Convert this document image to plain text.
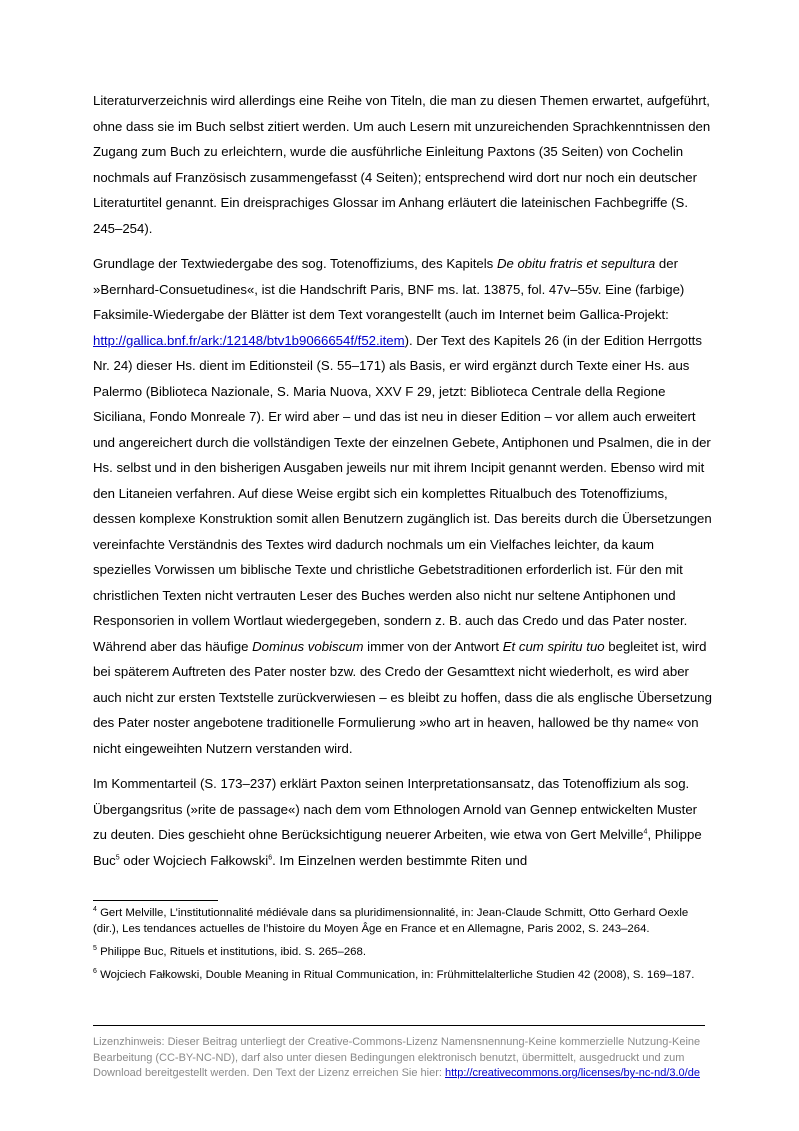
Literaturverzeichnis wird allerdings eine Reihe von Titeln, die man zu diesen Themen erwartet, aufgeführt, ohne dass sie im Buch selbst zitiert werden. Um auch Lesern mit unzureichenden Sprachkenntnissen den Zugang zum Buch zu erleichtern, wurde die ausführliche Einleitung Paxtons (35 Seiten) von Cochelin nochmals auf Französisch zusammengefasst (4 Seiten); entsprechend wird dort nur noch ein deutscher Literaturtitel genannt. Ein dreisprachiges Glossar im Anhang erläutert die lateinischen Fachbegriffe (S. 245–254).

Grundlage der Textwiedergabe des sog. Totenoffiziums, des Kapitels De obitu fratris et sepultura der »Bernhard-Consuetudines«, ist die Handschrift Paris, BNF ms. lat. 13875, fol. 47v–55v. Eine (farbige) Faksimile-Wiedergabe der Blätter ist dem Text vorangestellt (auch im Internet beim Gallica-Projekt: http://gallica.bnf.fr/ark:/12148/btv1b9066654f/f52.item). Der Text des Kapitels 26 (in der Edition Herrgotts Nr. 24) dieser Hs. dient im Editionsteil (S. 55–171) als Basis, er wird ergänzt durch Texte einer Hs. aus Palermo (Biblioteca Nazionale, S. Maria Nuova, XXV F 29, jetzt: Biblioteca Centrale della Regione Siciliana, Fondo Monreale 7). Er wird aber – und das ist neu in dieser Edition – vor allem auch erweitert und angereichert durch die vollständigen Texte der einzelnen Gebete, Antiphonen und Psalmen, die in der Hs. selbst und in den bisherigen Ausgaben jeweils nur mit ihrem Incipit genannt werden. Ebenso wird mit den Litaneien verfahren. Auf diese Weise ergibt sich ein komplettes Ritualbuch des Totenoffiziums, dessen komplexe Konstruktion somit allen Benutzern zugänglich ist. Das bereits durch die Übersetzungen vereinfachte Verständnis des Textes wird dadurch nochmals um ein Vielfaches leichter, da kaum spezielles Vorwissen um biblische Texte und christliche Gebetstraditionen erforderlich ist. Für den mit christlichen Texten nicht vertrauten Leser des Buches werden also nicht nur seltene Antiphonen und Responsorien in vollem Wortlaut wiedergegeben, sondern z. B. auch das Credo und das Pater noster. Während aber das häufige Dominus vobiscum immer von der Antwort Et cum spiritu tuo begleitet ist, wird bei späterem Auftreten des Pater noster bzw. des Credo der Gesamttext nicht wiederholt, es wird aber auch nicht zur ersten Textstelle zurückverwiesen – es bleibt zu hoffen, dass die als englische Übersetzung des Pater noster angebotene traditionelle Formulierung »who art in heaven, hallowed be thy name« von nicht eingeweihten Nutzern verstanden wird.

Im Kommentarteil (S. 173–237) erklärt Paxton seinen Interpretationsansatz, das Totenoffizium als sog. Übergangsritus (»rite de passage«) nach dem vom Ethnologen Arnold van Gennep entwickelten Muster zu deuten. Dies geschieht ohne Berücksichtigung neuerer Arbeiten, wie etwa von Gert Melville$^4$, Philippe Buc$^5$ oder Wojciech Fałkowski$^6$. Im Einzelnen werden bestimmte Riten und

$^4$ Gert Melville, L’institutionnalité médiévale dans sa pluridimensionnalité, in: Jean-Claude Schmitt, Otto Gerhard Oexle (dir.), Les tendances actuelles de l’histoire du Moyen Âge en France et en Allemagne, Paris 2002, S. 243–264.

$^5$ Philippe Buc, Rituels et institutions, ibid. S. 265–268.

$^6$ Wojciech Fałkowski, Double Meaning in Ritual Communication, in: Frühmittelalterliche Studien 42 (2008), S. 169–187.

Lizenzhinweis: Dieser Beitrag unterliegt der Creative-Commons-Lizenz Namensnennung-Keine kommerzielle Nutzung-Keine Bearbeitung (CC-BY-NC-ND), darf also unter diesen Bedingungen elektronisch benutzt, übermittelt, ausgedruckt und zum Download bereitgestellt werden. Den Text der Lizenz erreichen Sie hier: http://creativecommons.org/licenses/by-nc-nd/3.0/de
